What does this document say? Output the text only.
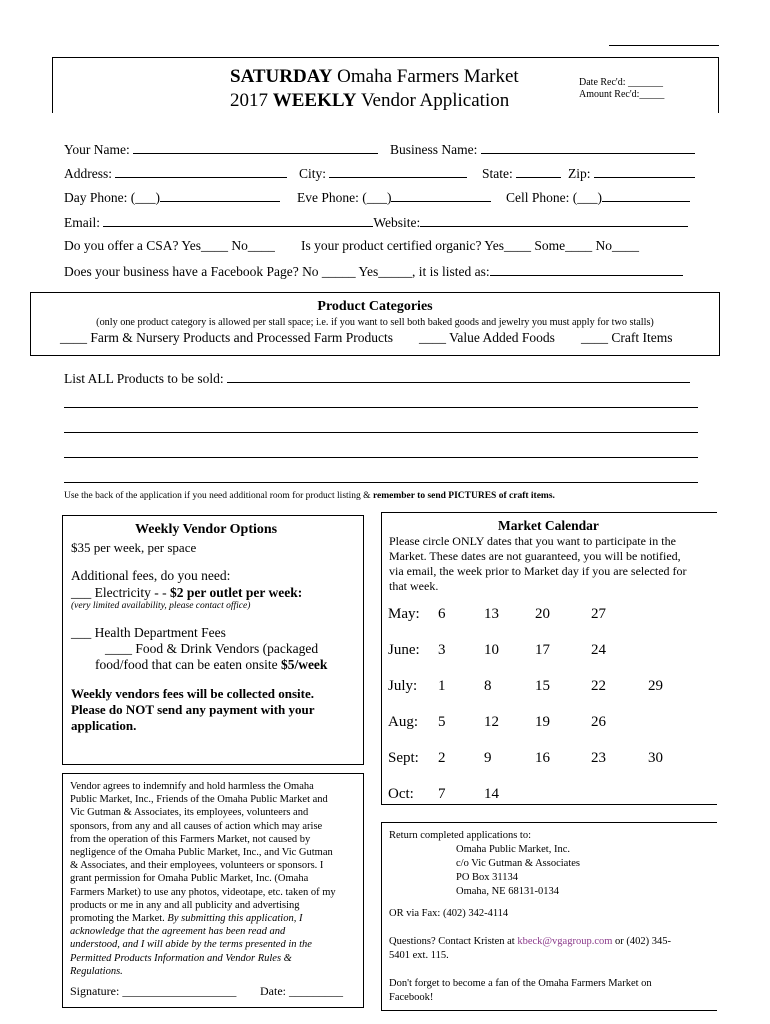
SATURDAY Omaha Farmers Market
2017 WEEKLY Vendor Application
Date Rec'd: _______
Amount Rec'd:_____
Your Name:	Business Name:
Address:	City:	State:	Zip:
Day Phone: (___)	Eve Phone: (___)	Cell Phone: (___)
Email:	Website:
Do you offer a CSA? Yes____ No____ Is your product certified organic? Yes____ Some____ No____
Does your business have a Facebook Page? No _____ Yes_____, it is listed as:
Product Categories
(only one product category is allowed per stall space; i.e. if you want to sell both baked goods and jewelry you must apply for two stalls)
____ Farm & Nursery Products and Processed Farm Products ____ Value Added Foods ____ Craft Items
List ALL Products to be sold:
Use the back of the application if you need additional room for product listing & remember to send PICTURES of craft items.
Weekly Vendor Options
$35 per week, per space
Additional fees, do you need:
___ Electricity - - $2 per outlet per week:
(very limited availability, please contact office)
___ Health Department Fees
____ Food & Drink Vendors (packaged
food/food that can be eaten onsite $5/week
Weekly vendors fees will be collected onsite.
Please do NOT send any payment with your
application.
Market Calendar
Please circle ONLY dates that you want to participate in the
Market. These dates are not guaranteed, you will be notified,
via email, the week prior to Market day if you are selected for
that week.
May: 6	13 20	27
June: 3	10 17	24
July: 1	8	15	22	29
Aug: 5	12 19	26
Sept: 2	9	16	23	30
Oct: 7	14

Vendor agrees to indemnify and hold harmless the Omaha

Public Market, Inc., Friends of the Omaha Public Market and

Vic Gutman & Associates, its employees, volunteers and

sponsors, from any and all causes of action which may arise

from the operation of this Farmers Market, not caused by

negligence of the Omaha Public Market, Inc., and Vic Gutman

& Associates, and their employees, volunteers or sponsors. I

grant permission for Omaha Public Market, Inc. (Omaha

Farmers Market) to use any photos, videotape, etc. taken of my

products or me in any and all publicity and advertising

promoting the Market. By submitting this application, I

acknowledge that the agreement has been read and

understood, and I will abide by the terms presented in the

Permitted Products Information and Vendor Rules &

Regulations.

Signature: ___________________ Date: _________
Return completed applications to:
Omaha Public Market, Inc.
c/o Vic Gutman & Associates
PO Box 31134
Omaha, NE 68131-0134
OR via Fax: (402) 342-4114
Questions? Contact Kristen at kbeck@vgagroup.com or (402) 345-
5401 ext. 115.
Don't forget to become a fan of the Omaha Farmers Market on
Facebook!
